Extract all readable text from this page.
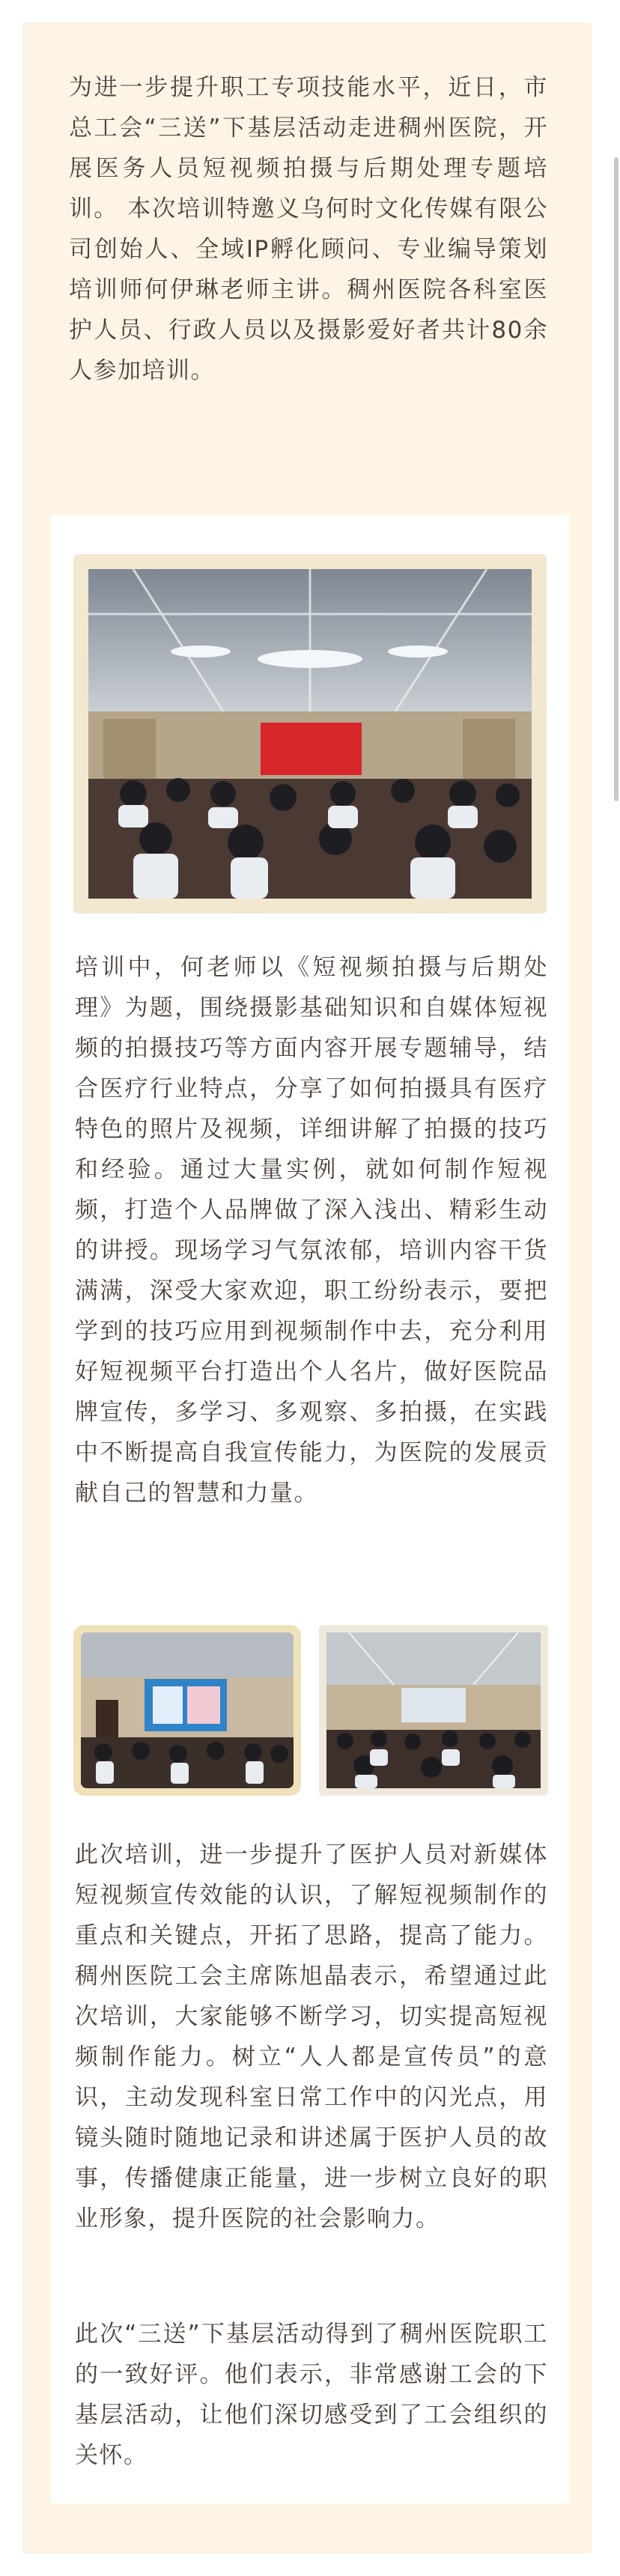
为进一步提升职工专项技能水平，近日，市总工会“三送”下基层活动走进稠州医院，开展医务人员短视频拍摄与后期处理专题培训。 本次培训特邀义乌何时文化传媒有限公司创始人、全域IP孵化顾问、专业编导策划培训师何伊琳老师主讲。稠州医院各科室医护人员、行政人员以及摄影爱好者共计80余人参加培训。

培训中，何老师以《短视频拍摄与后期处理》为题，围绕摄影基础知识和自媒体短视频的拍摄技巧等方面内容开展专题辅导，结合医疗行业特点，分享了如何拍摄具有医疗特色的照片及视频，详细讲解了拍摄的技巧和经验。通过大量实例，就如何制作短视频，打造个人品牌做了深入浅出、精彩生动的讲授。现场学习气氛浓郁，培训内容干货满满，深受大家欢迎，职工纷纷表示，要把学到的技巧应用到视频制作中去，充分利用好短视频平台打造出个人名片，做好医院品牌宣传，多学习、多观察、多拍摄，在实践中不断提高自我宣传能力，为医院的发展贡献自己的智慧和力量。

此次培训，进一步提升了医护人员对新媒体短视频宣传效能的认识，了解短视频制作的重点和关键点，开拓了思路，提高了能力。稠州医院工会主席陈旭晶表示，希望通过此次培训，大家能够不断学习，切实提高短视频制作能力。树立“人人都是宣传员”的意识，主动发现科室日常工作中的闪光点，用镜头随时随地记录和讲述属于医护人员的故事，传播健康正能量，进一步树立良好的职业形象，提升医院的社会影响力。

此次“三送”下基层活动得到了稠州医院职工的一致好评。他们表示，非常感谢工会的下基层活动，让他们深切感受到了工会组织的关怀。
